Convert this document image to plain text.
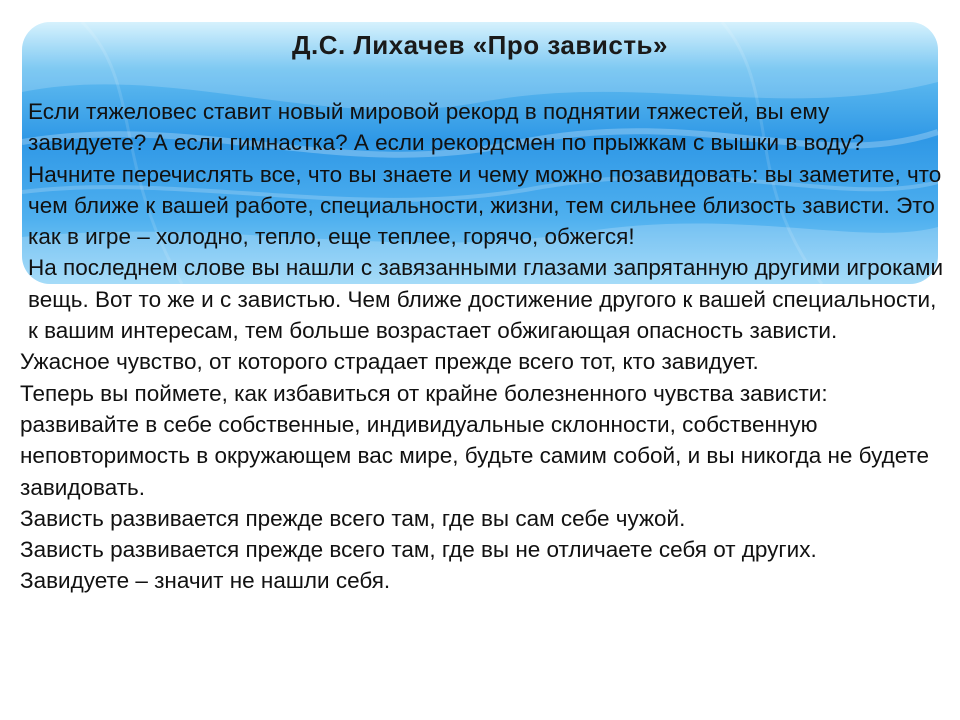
Д.С. Лихачев «Про зависть»

Если тяжеловес ставит новый мировой рекорд в поднятии тяжестей, вы ему завидуете? А если гимнастка? А если рекордсмен по прыжкам с вышки в воду?

Начните перечислять все, что вы знаете и чему можно позавидовать: вы заметите, что чем ближе к вашей работе, специальности, жизни, тем сильнее близость зависти. Это как в игре – холодно, тепло, еще теплее, горячо, обжегся!

На последнем слове вы нашли с завязанными глазами запрятанную другими игроками вещь. Вот то же и с завистью. Чем ближе достижение другого к вашей специальности, к вашим интересам, тем больше возрастает обжигающая опасность зависти.

Ужасное чувство, от которого страдает прежде всего тот, кто завидует.

Теперь вы поймете, как избавиться от крайне болезненного чувства зависти: развивайте в себе собственные, индивидуальные склонности, собственную неповторимость в окружающем вас мире, будьте самим собой, и вы никогда не будете завидовать.

Зависть развивается прежде всего там, где вы сам себе чужой.

Зависть развивается прежде всего там, где вы не отличаете себя от других.

Завидуете – значит не нашли себя.
